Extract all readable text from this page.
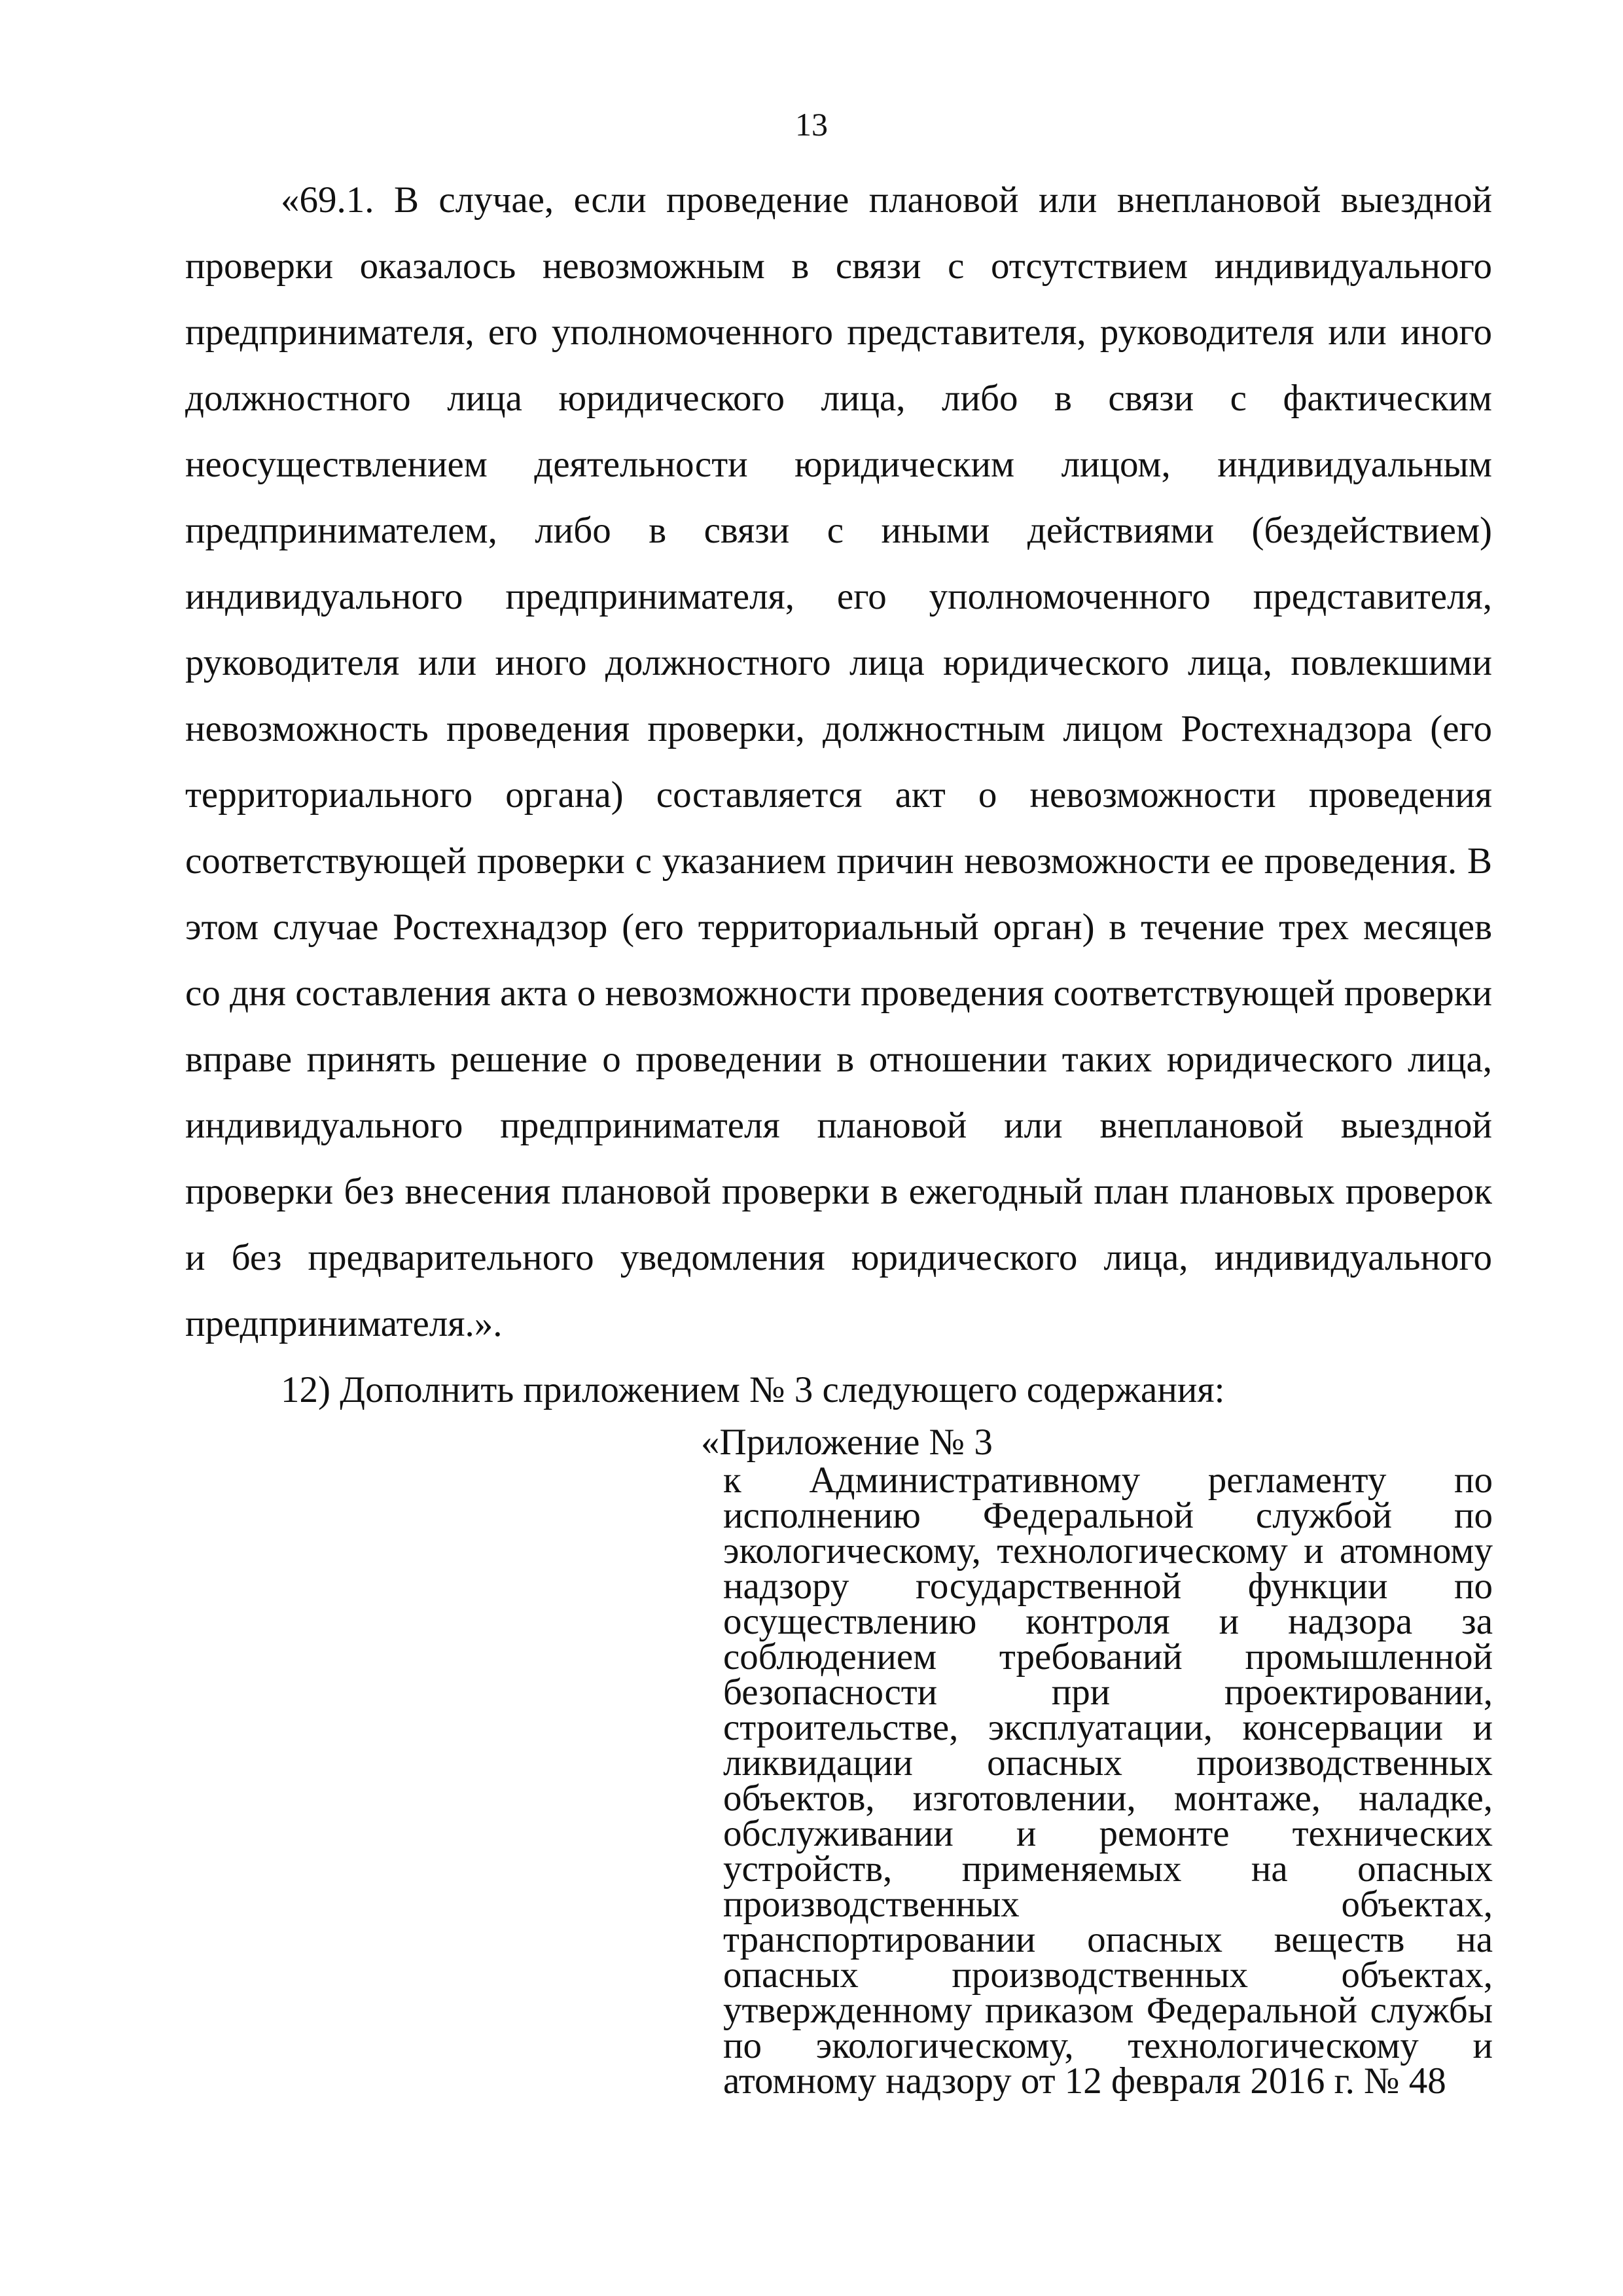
13

«69.1. В случае, если проведение плановой или внеплановой выездной проверки оказалось невозможным в связи с отсутствием индивидуального предпринимателя, его уполномоченного представителя, руководителя или иного должностного лица юридического лица, либо в связи с фактическим неосуществлением деятельности юридическим лицом, индивидуальным предпринимателем, либо в связи с иными действиями (бездействием) индивидуального предпринимателя, его уполномоченного представителя, руководителя или иного должностного лица юридического лица, повлекшими невозможность проведения проверки, должностным лицом Ростехнадзора (его территориального органа) составляется акт о невозможности проведения соответствующей проверки с указанием причин невозможности ее проведения. В этом случае Ростехнадзор (его территориальный орган) в течение трех месяцев со дня составления акта о невозможности проведения соответствующей проверки вправе принять решение о проведении в отношении таких юридического лица, индивидуального предпринимателя плановой или внеплановой выездной проверки без внесения плановой проверки в ежегодный план плановых проверок и без предварительного уведомления юридического лица, индивидуального предпринимателя.».

12) Дополнить приложением № 3 следующего содержания:

«Приложение № 3

к Административному регламенту по исполнению Федеральной службой по экологическому, технологическому и атомному надзору государственной функции по осуществлению контроля и надзора за соблюдением требований промышленной безопасности при проектировании, строительстве, эксплуатации, консервации и ликвидации опасных производственных объектов, изготовлении, монтаже, наладке, обслуживании и ремонте технических устройств, применяемых на опасных производственных объектах, транспортировании опасных веществ на опасных производственных объектах, утвержденному приказом Федеральной службы по экологическому, технологическому и атомному надзору от 12 февраля 2016 г. № 48
